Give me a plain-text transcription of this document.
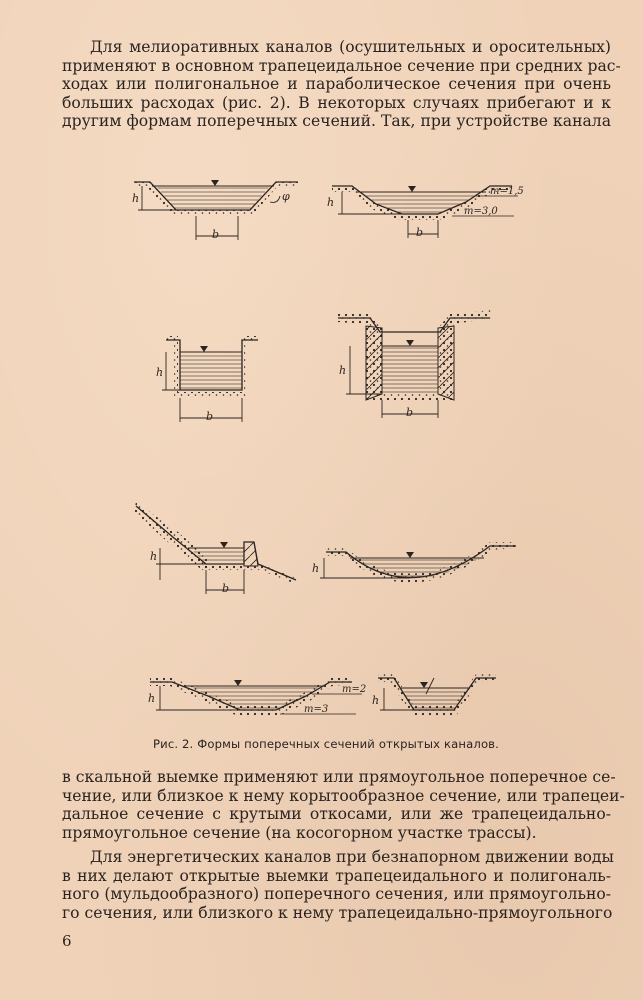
Для мелиоративных каналов (осушительных и оросительных)
применяют в основном трапецеидальное сечение при средних рас-
ходах или полигональное и параболическое сечения при очень
больших расходах (рис. 2). В некоторых случаях прибегают и к
другим формам поперечных сечений. Так, при устройстве канала
h
b
φ	h
b
m=1,5
m=3,0
h
b
h
b
h
b
h
h
m=2
m=3
h
Рис. 2. Формы поперечных сечений открытых каналов.
в скальной выемке применяют или прямоугольное поперечное се-
чение, или близкое к нему корытообразное сечение, или трапецеи-
дальное сечение с крутыми откосами, или же трапецеидально-
прямоугольное сечение (на косогорном участке трассы).
Для энергетических каналов при безнапорном движении воды
в них делают открытые выемки трапецеидального и полигональ-
ного (мульдообразного) поперечного сечения, или прямоугольно-
го сечения, или близкого к нему трапецеидально-прямоугольного
6
